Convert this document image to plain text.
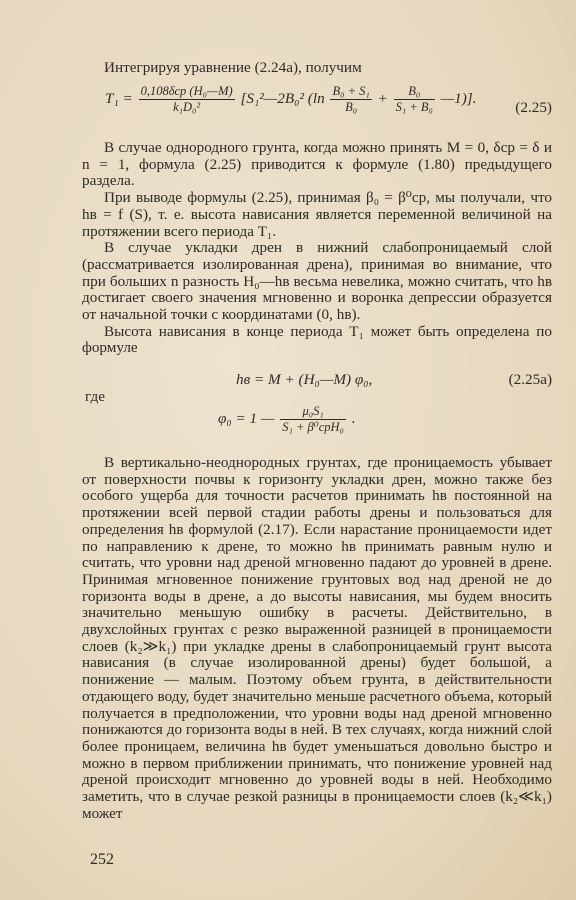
Интегрируя уравнение (2.24а), получим
$T_1 = \frac{\text{0,108δср (H₀—M)}}{\text{k₁D₀²}}$ [S₁²—2B₀² ($\ln \frac{\text{B₀ + S₁}}{\text{B₀}} + \frac{\text{B₀}}{\text{S₁ + B₀}}$ —1)].
(2.25)

В случае однородного грунта, когда можно принять M = 0, δср = δ и n = 1, формула (2.25) приводится к формуле (1.80) предыдущего раздела.

При выводе формулы (2.25), принимая β₀ = β⁰ср, мы получали, что hв = f (S), т. е. высота нависания является переменной величиной на протяжении всего периода T₁.

В случае укладки дрен в нижний слабопроницаемый слой (рассматривается изолированная дрена), принимая во внимание, что при больших n разность H₀—hв весьма невелика, можно считать, что hв достигает своего значения мгновенно и воронка депрессии образуется от начальной точки с координатами (0, hв).

Высота нависания в конце периода T₁ может быть определена по формуле

hв = M + (H₀—M) φ₀,	(2.25а)
где
φ₀ = 1 — $\frac{\text{μ₀S₁}}{\text{S₁ + β⁰срH₀}}$ .

В вертикально-неоднородных грунтах, где проницаемость убывает от поверхности почвы к горизонту укладки дрен, можно также без особого ущерба для точности расчетов принимать hв постоянной на протяжении всей первой стадии работы дрены и пользоваться для определения hв формулой (2.17). Если нарастание проницаемости идет по направлению к дрене, то можно hв принимать равным нулю и считать, что уровни над дреной мгновенно падают до уровней в дрене. Принимая мгновенное понижение грунтовых вод над дреной не до горизонта воды в дрене, а до высоты нависания, мы будем вносить значительно меньшую ошибку в расчеты. Действительно, в двухслойных грунтах с резко выраженной разницей в проницаемости слоев (k₂≫k₁) при укладке дрены в слабопроницаемый грунт высота нависания (в случае изолированной дрены) будет большой, а понижение — малым. Поэтому объем грунта, в действительности отдающего воду, будет значительно меньше расчетного объема, который получается в предположении, что уровни воды над дреной мгновенно понижаются до горизонта воды в ней. В тех случаях, когда нижний слой более проницаем, величина hв будет уменьшаться довольно быстро и можно в первом приближении принимать, что понижение уровней над дреной происходит мгновенно до уровней воды в ней. Необходимо заметить, что в случае резкой разницы в проницаемости слоев (k₂≪k₁) может

252
